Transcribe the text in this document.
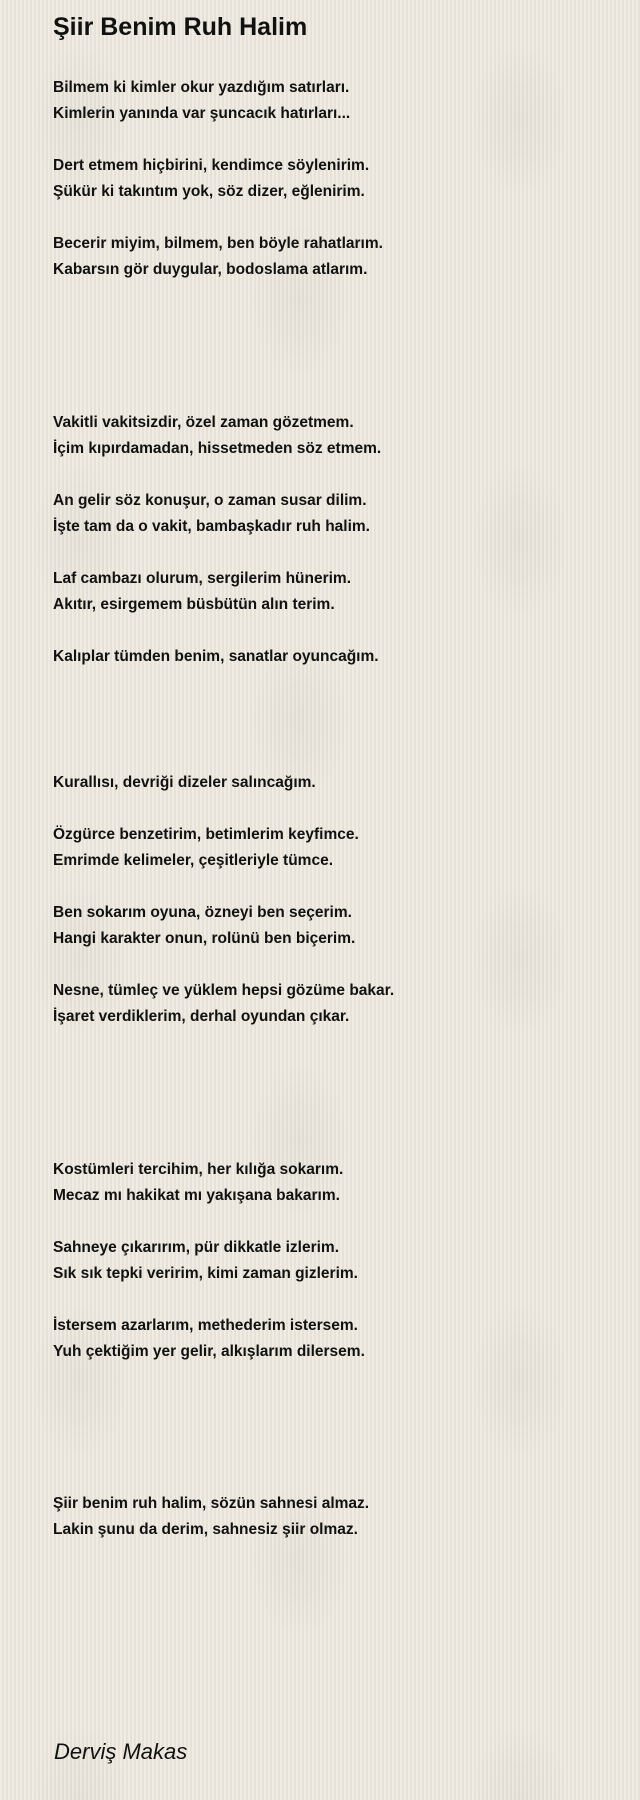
Şiir Benim Ruh Halim
Bilmem ki kimler okur yazdığım satırları.
Kimlerin yanında var şuncacık hatırları...
Dert etmem hiçbirini, kendimce söylenirim.
Şükür ki takıntım yok, söz dizer, eğlenirim.
Becerir miyim, bilmem, ben böyle rahatlarım.
Kabarsın gör duygular, bodoslama atlarım.
Vakitli vakitsizdir, özel zaman gözetmem.
İçim kıpırdamadan, hissetmeden söz etmem.
An gelir söz konuşur, o zaman susar dilim.
İşte tam da o vakit, bambaşkadır ruh halim.
Laf cambazı olurum, sergilerim hünerim.
Akıtır, esirgemem büsbütün alın terim.
Kalıplar tümden benim, sanatlar oyuncağım.
Kurallısı, devriği dizeler salıncağım.
Özgürce benzetirim, betimlerim keyfimce.
Emrimde kelimeler, çeşitleriyle tümce.
Ben sokarım oyuna, özneyi ben seçerim.
Hangi karakter onun, rolünü ben biçerim.
Nesne, tümleç ve yüklem hepsi gözüme bakar.
İşaret verdiklerim, derhal oyundan çıkar.
Kostümleri tercihim, her kılığa sokarım.
Mecaz mı hakikat mı yakışana bakarım.
Sahneye çıkarırım, pür dikkatle izlerim.
Sık sık tepki veririm, kimi zaman gizlerim.
İstersem azarlarım, methederim istersem.
Yuh çektiğim yer gelir, alkışlarım dilersem.
Şiir benim ruh halim, sözün sahnesi almaz.
Lakin şunu da derim, sahnesiz şiir olmaz.
Derviş Makas
